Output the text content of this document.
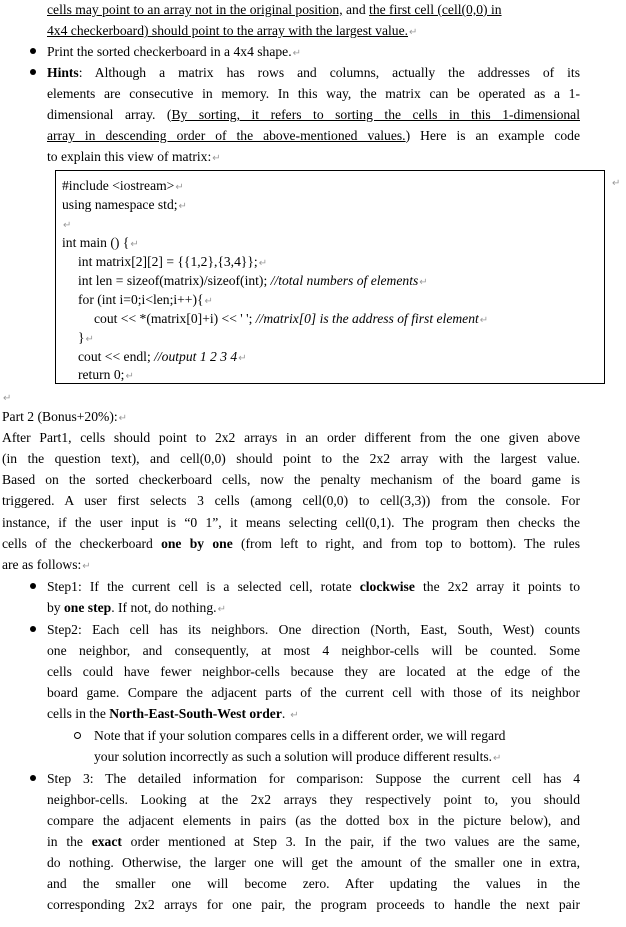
cells may point to an array not in the original position, and the first cell (cell(0,0) in
4x4 checkerboard) should point to the array with the largest value.↵
Print the sorted checkerboard in a 4x4 shape.↵
Hints: Although a matrix has rows and columns, actually the addresses of its
elements are consecutive in memory. In this way, the matrix can be operated as a 1-
dimensional array. (By sorting, it refers to sorting the cells in this 1-dimensional
array in descending order of the above-mentioned values.) Here is an example code
to explain this view of matrix:↵
#include <iostream>↵
using namespace std;↵
↵
int main () {↵
int matrix[2][2] = {{1,2},{3,4}};↵
int len = sizeof(matrix)/sizeof(int); //total numbers of elements↵
for (int i=0;i<len;i++){↵
cout << *(matrix[0]+i) << ' '; //matrix[0] is the address of first element↵
}↵
cout << endl; //output 1 2 3 4↵
return 0;↵
↵
↵
Part 2 (Bonus+20%):↵
After Part1, cells should point to 2x2 arrays in an order different from the one given above
(in the question text), and cell(0,0) should point to the 2x2 array with the largest value.
Based on the sorted checkerboard cells, now the penalty mechanism of the board game is
triggered. A user first selects 3 cells (among cell(0,0) to cell(3,3)) from the console. For
instance, if the user input is “0 1”, it means selecting cell(0,1). The program then checks the
cells of the checkerboard one by one (from left to right, and from top to bottom). The rules
are as follows:↵
Step1: If the current cell is a selected cell, rotate clockwise the 2x2 array it points to
by one step. If not, do nothing.↵
Step2: Each cell has its neighbors. One direction (North, East, South, West) counts
one neighbor, and consequently, at most 4 neighbor-cells will be counted. Some
cells could have fewer neighbor-cells because they are located at the edge of the
board game. Compare the adjacent parts of the current cell with those of its neighbor
cells in the North-East-South-West order. ↵
Note that if your solution compares cells in a different order, we will regard
your solution incorrectly as such a solution will produce different results.↵
Step 3: The detailed information for comparison: Suppose the current cell has 4
neighbor-cells. Looking at the 2x2 arrays they respectively point to, you should
compare the adjacent elements in pairs (as the dotted box in the picture below), and
in the exact order mentioned at Step 3. In the pair, if the two values are the same,
do nothing. Otherwise, the larger one will get the amount of the smaller one in extra,
and the smaller one will become zero. After updating the values in the
corresponding 2x2 arrays for one pair, the program proceeds to handle the next pair
